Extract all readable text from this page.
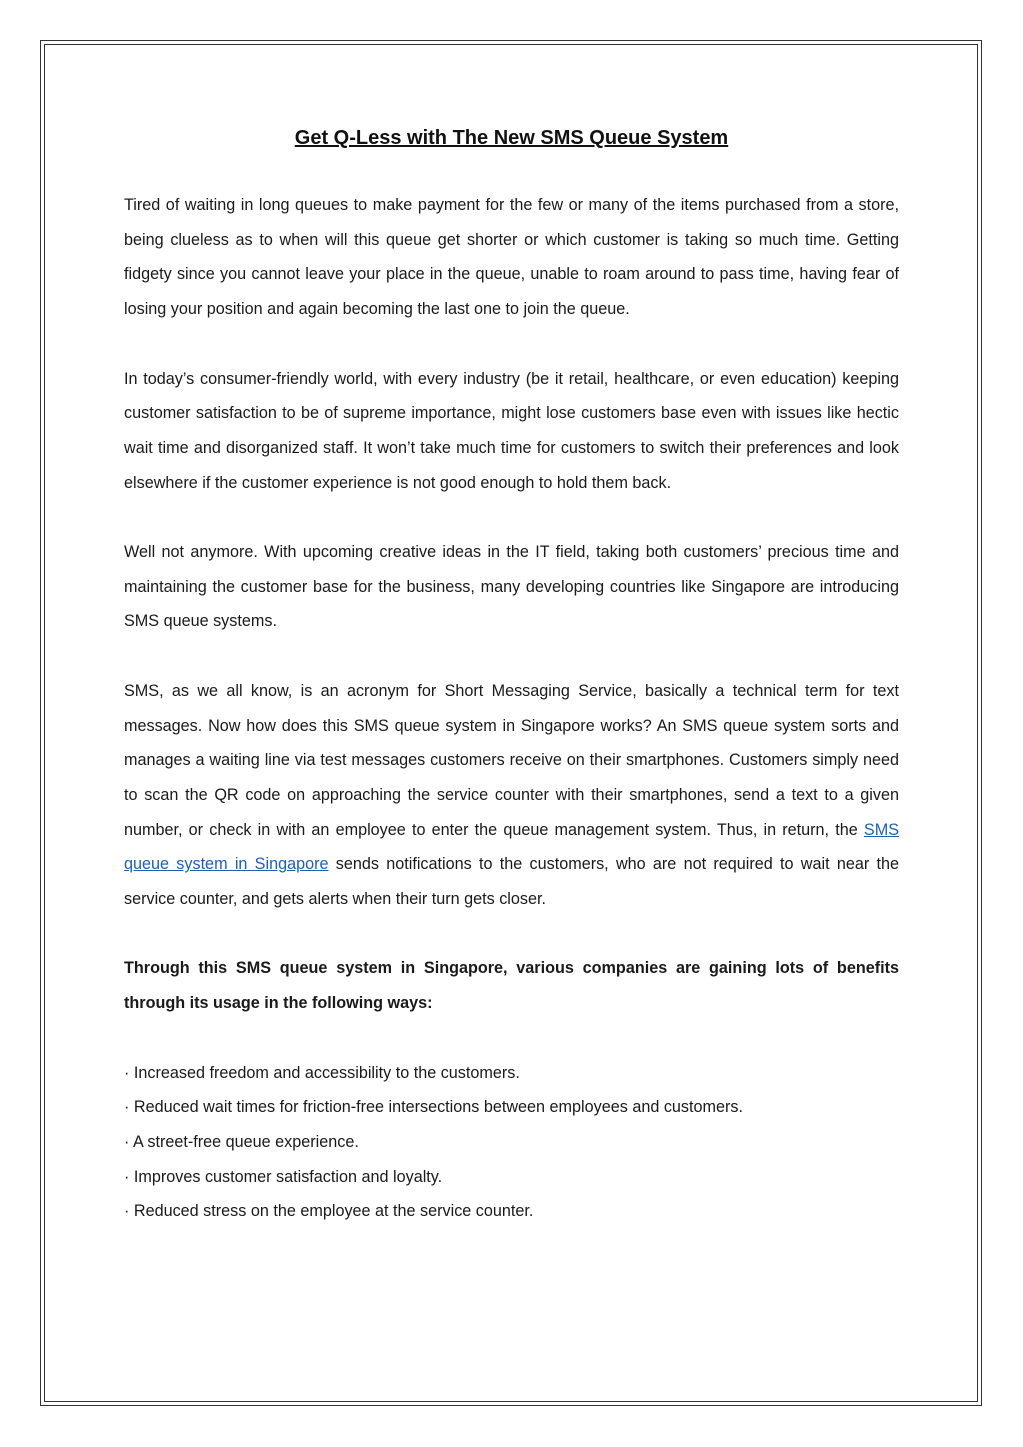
Get Q-Less with The New SMS Queue System

Tired of waiting in long queues to make payment for the few or many of the items purchased from a store, being clueless as to when will this queue get shorter or which customer is taking so much time. Getting fidgety since you cannot leave your place in the queue, unable to roam around to pass time, having fear of losing your position and again becoming the last one to join the queue.

In today’s consumer-friendly world, with every industry (be it retail, healthcare, or even education) keeping customer satisfaction to be of supreme importance, might lose customers base even with issues like hectic wait time and disorganized staff. It won’t take much time for customers to switch their preferences and look elsewhere if the customer experience is not good enough to hold them back.

Well not anymore. With upcoming creative ideas in the IT field, taking both customers’ precious time and maintaining the customer base for the business, many developing countries like Singapore are introducing SMS queue systems.

SMS, as we all know, is an acronym for Short Messaging Service, basically a technical term for text messages. Now how does this SMS queue system in Singapore works? An SMS queue system sorts and manages a waiting line via test messages customers receive on their smartphones. Customers simply need to scan the QR code on approaching the service counter with their smartphones, send a text to a given number, or check in with an employee to enter the queue management system. Thus, in return, the SMS queue system in Singapore sends notifications to the customers, who are not required to wait near the service counter, and gets alerts when their turn gets closer.

Through this SMS queue system in Singapore, various companies are gaining lots of benefits through its usage in the following ways:

· Increased freedom and accessibility to the customers.
· Reduced wait times for friction-free intersections between employees and customers.
· A street-free queue experience.
· Improves customer satisfaction and loyalty.
· Reduced stress on the employee at the service counter.
